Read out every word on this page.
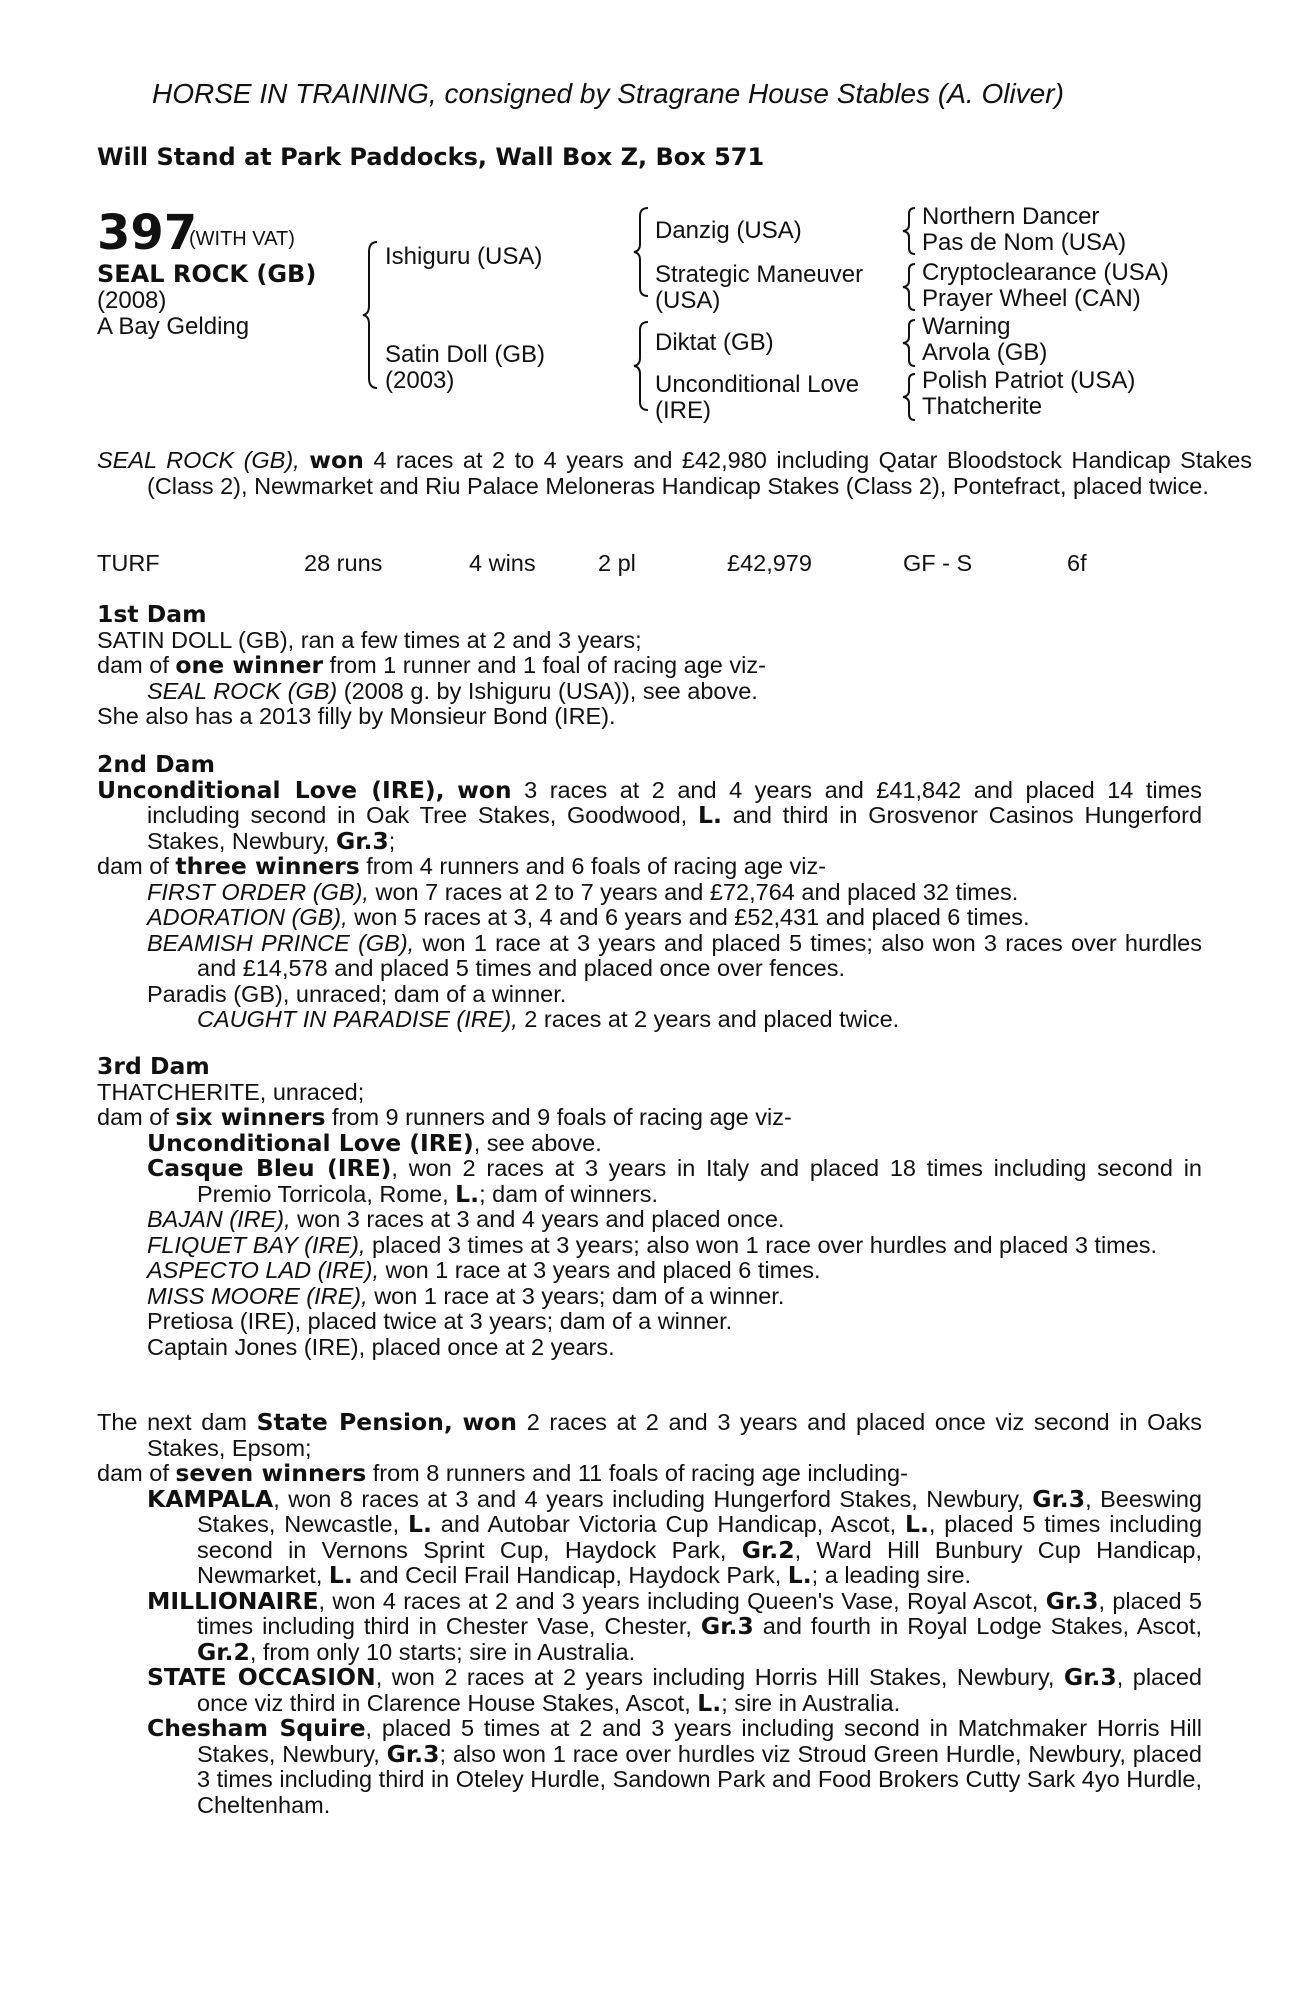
HORSE IN TRAINING, consigned by Stragrane House Stables (A. Oliver)
Will Stand at Park Paddocks, Wall Box Z, Box 571
397
(WITH VAT)
SEAL ROCK (GB)
(2008)
A Bay Gelding
Ishiguru (USA)
Satin Doll (GB)
(2003)
Danzig (USA)
Strategic Maneuver
(USA)
Diktat (GB)
Unconditional Love
(IRE)
Northern Dancer
Pas de Nom (USA)
Cryptoclearance (USA)
Prayer Wheel (CAN)
Warning
Arvola (GB)
Polish Patriot (USA)
Thatcherite
SEAL ROCK (GB), won 4 races at 2 to 4 years and £42,980 including Qatar Bloodstock Handicap Stakes (Class 2), Newmarket and Riu Palace Meloneras Handicap Stakes (Class 2), Pontefract, placed twice.
TURF	28 runs	4 wins	2 pl	£42,979	GF - S	6f

1st Dam

SATIN DOLL (GB), ran a few times at 2 and 3 years;

dam of one winner from 1 runner and 1 foal of racing age viz-

SEAL ROCK (GB) (2008 g. by Ishiguru (USA)), see above.

She also has a 2013 filly by Monsieur Bond (IRE).

2nd Dam

Unconditional Love (IRE), won 3 races at 2 and 4 years and £41,842 and placed 14 times including second in Oak Tree Stakes, Goodwood, L. and third in Grosvenor Casinos Hungerford Stakes, Newbury, Gr.3;

dam of three winners from 4 runners and 6 foals of racing age viz-

FIRST ORDER (GB), won 7 races at 2 to 7 years and £72,764 and placed 32 times.

ADORATION (GB), won 5 races at 3, 4 and 6 years and £52,431 and placed 6 times.

BEAMISH PRINCE (GB), won 1 race at 3 years and placed 5 times; also won 3 races over hurdles and £14,578 and placed 5 times and placed once over fences.

Paradis (GB), unraced; dam of a winner.

CAUGHT IN PARADISE (IRE), 2 races at 2 years and placed twice.

3rd Dam

THATCHERITE, unraced;

dam of six winners from 9 runners and 9 foals of racing age viz-

Unconditional Love (IRE), see above.

Casque Bleu (IRE), won 2 races at 3 years in Italy and placed 18 times including second in Premio Torricola, Rome, L.; dam of winners.

BAJAN (IRE), won 3 races at 3 and 4 years and placed once.

FLIQUET BAY (IRE), placed 3 times at 3 years; also won 1 race over hurdles and placed 3 times.

ASPECTO LAD (IRE), won 1 race at 3 years and placed 6 times.

MISS MOORE (IRE), won 1 race at 3 years; dam of a winner.

Pretiosa (IRE), placed twice at 3 years; dam of a winner.

Captain Jones (IRE), placed once at 2 years.

The next dam State Pension, won 2 races at 2 and 3 years and placed once viz second in Oaks Stakes, Epsom;

dam of seven winners from 8 runners and 11 foals of racing age including-

KAMPALA, won 8 races at 3 and 4 years including Hungerford Stakes, Newbury, Gr.3, Beeswing Stakes, Newcastle, L. and Autobar Victoria Cup Handicap, Ascot, L., placed 5 times including second in Vernons Sprint Cup, Haydock Park, Gr.2, Ward Hill Bunbury Cup Handicap, Newmarket, L. and Cecil Frail Handicap, Haydock Park, L.; a leading sire.

MILLIONAIRE, won 4 races at 2 and 3 years including Queen's Vase, Royal Ascot, Gr.3, placed 5 times including third in Chester Vase, Chester, Gr.3 and fourth in Royal Lodge Stakes, Ascot, Gr.2, from only 10 starts; sire in Australia.

STATE OCCASION, won 2 races at 2 years including Horris Hill Stakes, Newbury, Gr.3, placed once viz third in Clarence House Stakes, Ascot, L.; sire in Australia.

Chesham Squire, placed 5 times at 2 and 3 years including second in Matchmaker Horris Hill Stakes, Newbury, Gr.3; also won 1 race over hurdles viz Stroud Green Hurdle, Newbury, placed 3 times including third in Oteley Hurdle, Sandown Park and Food Brokers Cutty Sark 4yo Hurdle, Cheltenham.
